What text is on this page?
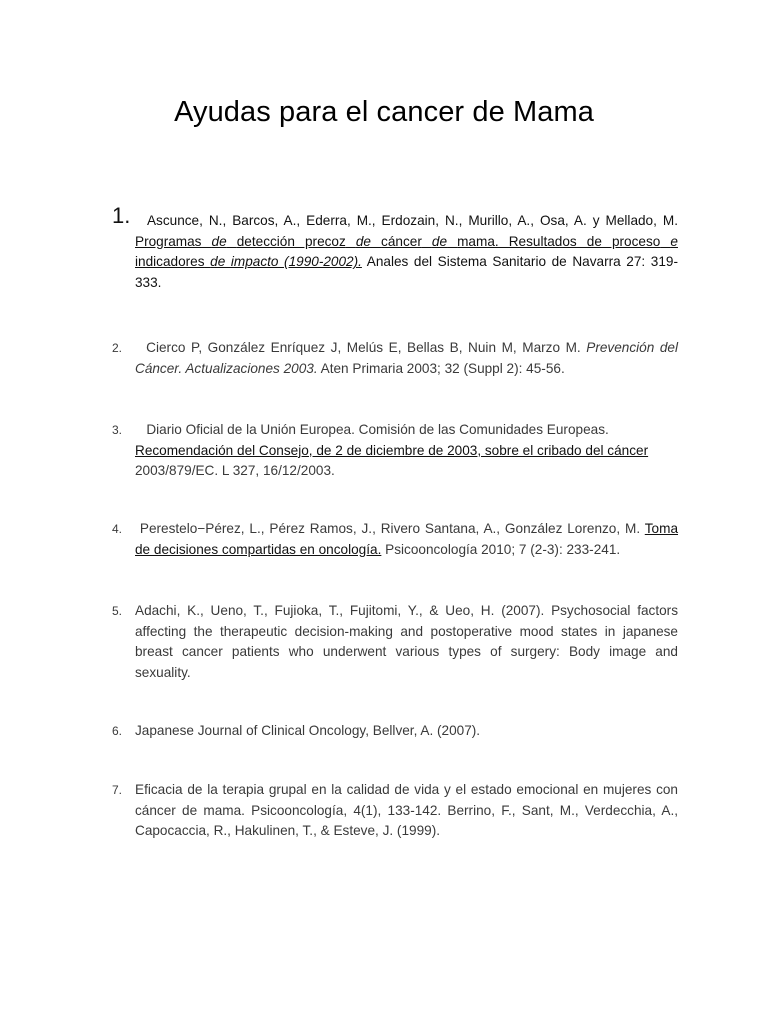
Ayudas para el cancer de Mama
1.	Ascunce, N., Barcos, A., Ederra, M., Erdozain, N., Murillo, A., Osa, A. y Mellado, M. Programas de detección precoz de cáncer de mama. Resultados de proceso e indicadores de impacto (1990-2002). Anales del Sistema Sanitario de Navarra 27: 319-333.
2.	Cierco P, González Enríquez J, Melús E, Bellas B, Nuin M, Marzo M. Prevención del Cáncer. Actualizaciones 2003. Aten Primaria 2003; 32 (Suppl 2): 45-56.
3.	Diario Oficial de la Unión Europea. Comisión de las Comunidades Europeas.
Recomendación del Consejo, de 2 de diciembre de 2003, sobre el cribado del cáncer
2003/879/EC. L 327, 16/12/2003.
4.	Perestelo−Pérez, L., Pérez Ramos, J., Rivero Santana, A., González Lorenzo, M. Toma de decisiones compartidas en oncología. Psicooncología 2010; 7 (2-3): 233-241.
5. Adachi, K., Ueno, T., Fujioka, T., Fujitomi, Y., & Ueo, H. (2007). Psychosocial factors affecting the therapeutic decision-making and postoperative mood states in japanese breast cancer patients who underwent various types of surgery: Body image and sexuality.
6. Japanese Journal of Clinical Oncology, Bellver, A. (2007).
7. Eficacia de la terapia grupal en la calidad de vida y el estado emocional en mujeres con cáncer de mama. Psicooncología, 4(1), 133-142. Berrino, F., Sant, M., Verdecchia, A., Capocaccia, R., Hakulinen, T., & Esteve, J. (1999).
